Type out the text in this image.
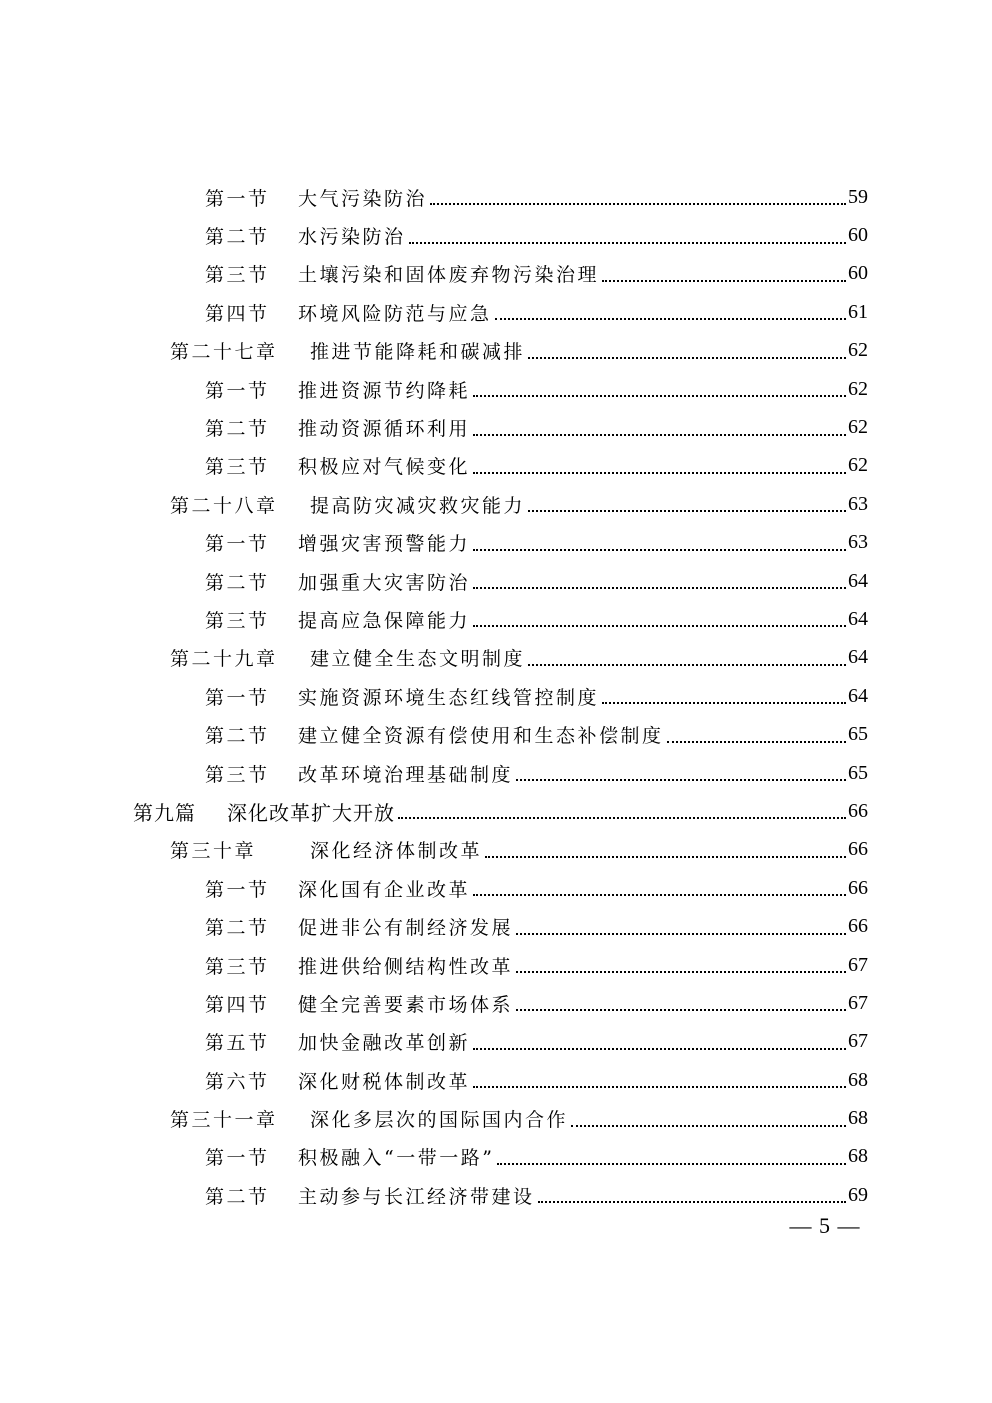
第一节	大气污染防治	59
第二节	水污染防治	60
第三节	土壤污染和固体废弃物污染治理	60
第四节	环境风险防范与应急	61
第二十七章	推进节能降耗和碳减排	62
第一节	推进资源节约降耗	62
第二节	推动资源循环利用	62
第三节	积极应对气候变化	62
第二十八章	提高防灾减灾救灾能力	63
第一节	增强灾害预警能力	63
第二节	加强重大灾害防治	64
第三节	提高应急保障能力	64
第二十九章	建立健全生态文明制度	64
第一节	实施资源环境生态红线管控制度	64
第二节	建立健全资源有偿使用和生态补偿制度	65
第三节	改革环境治理基础制度	65
第九篇	深化改革扩大开放	66
第三十章	深化经济体制改革	66
第一节	深化国有企业改革	66
第二节	促进非公有制经济发展	66
第三节	推进供给侧结构性改革	67
第四节	健全完善要素市场体系	67
第五节	加快金融改革创新	67
第六节	深化财税体制改革	68
第三十一章	深化多层次的国际国内合作	68
第一节	积极融入“一带一路”	68
第二节	主动参与长江经济带建设	69
— 5 —
